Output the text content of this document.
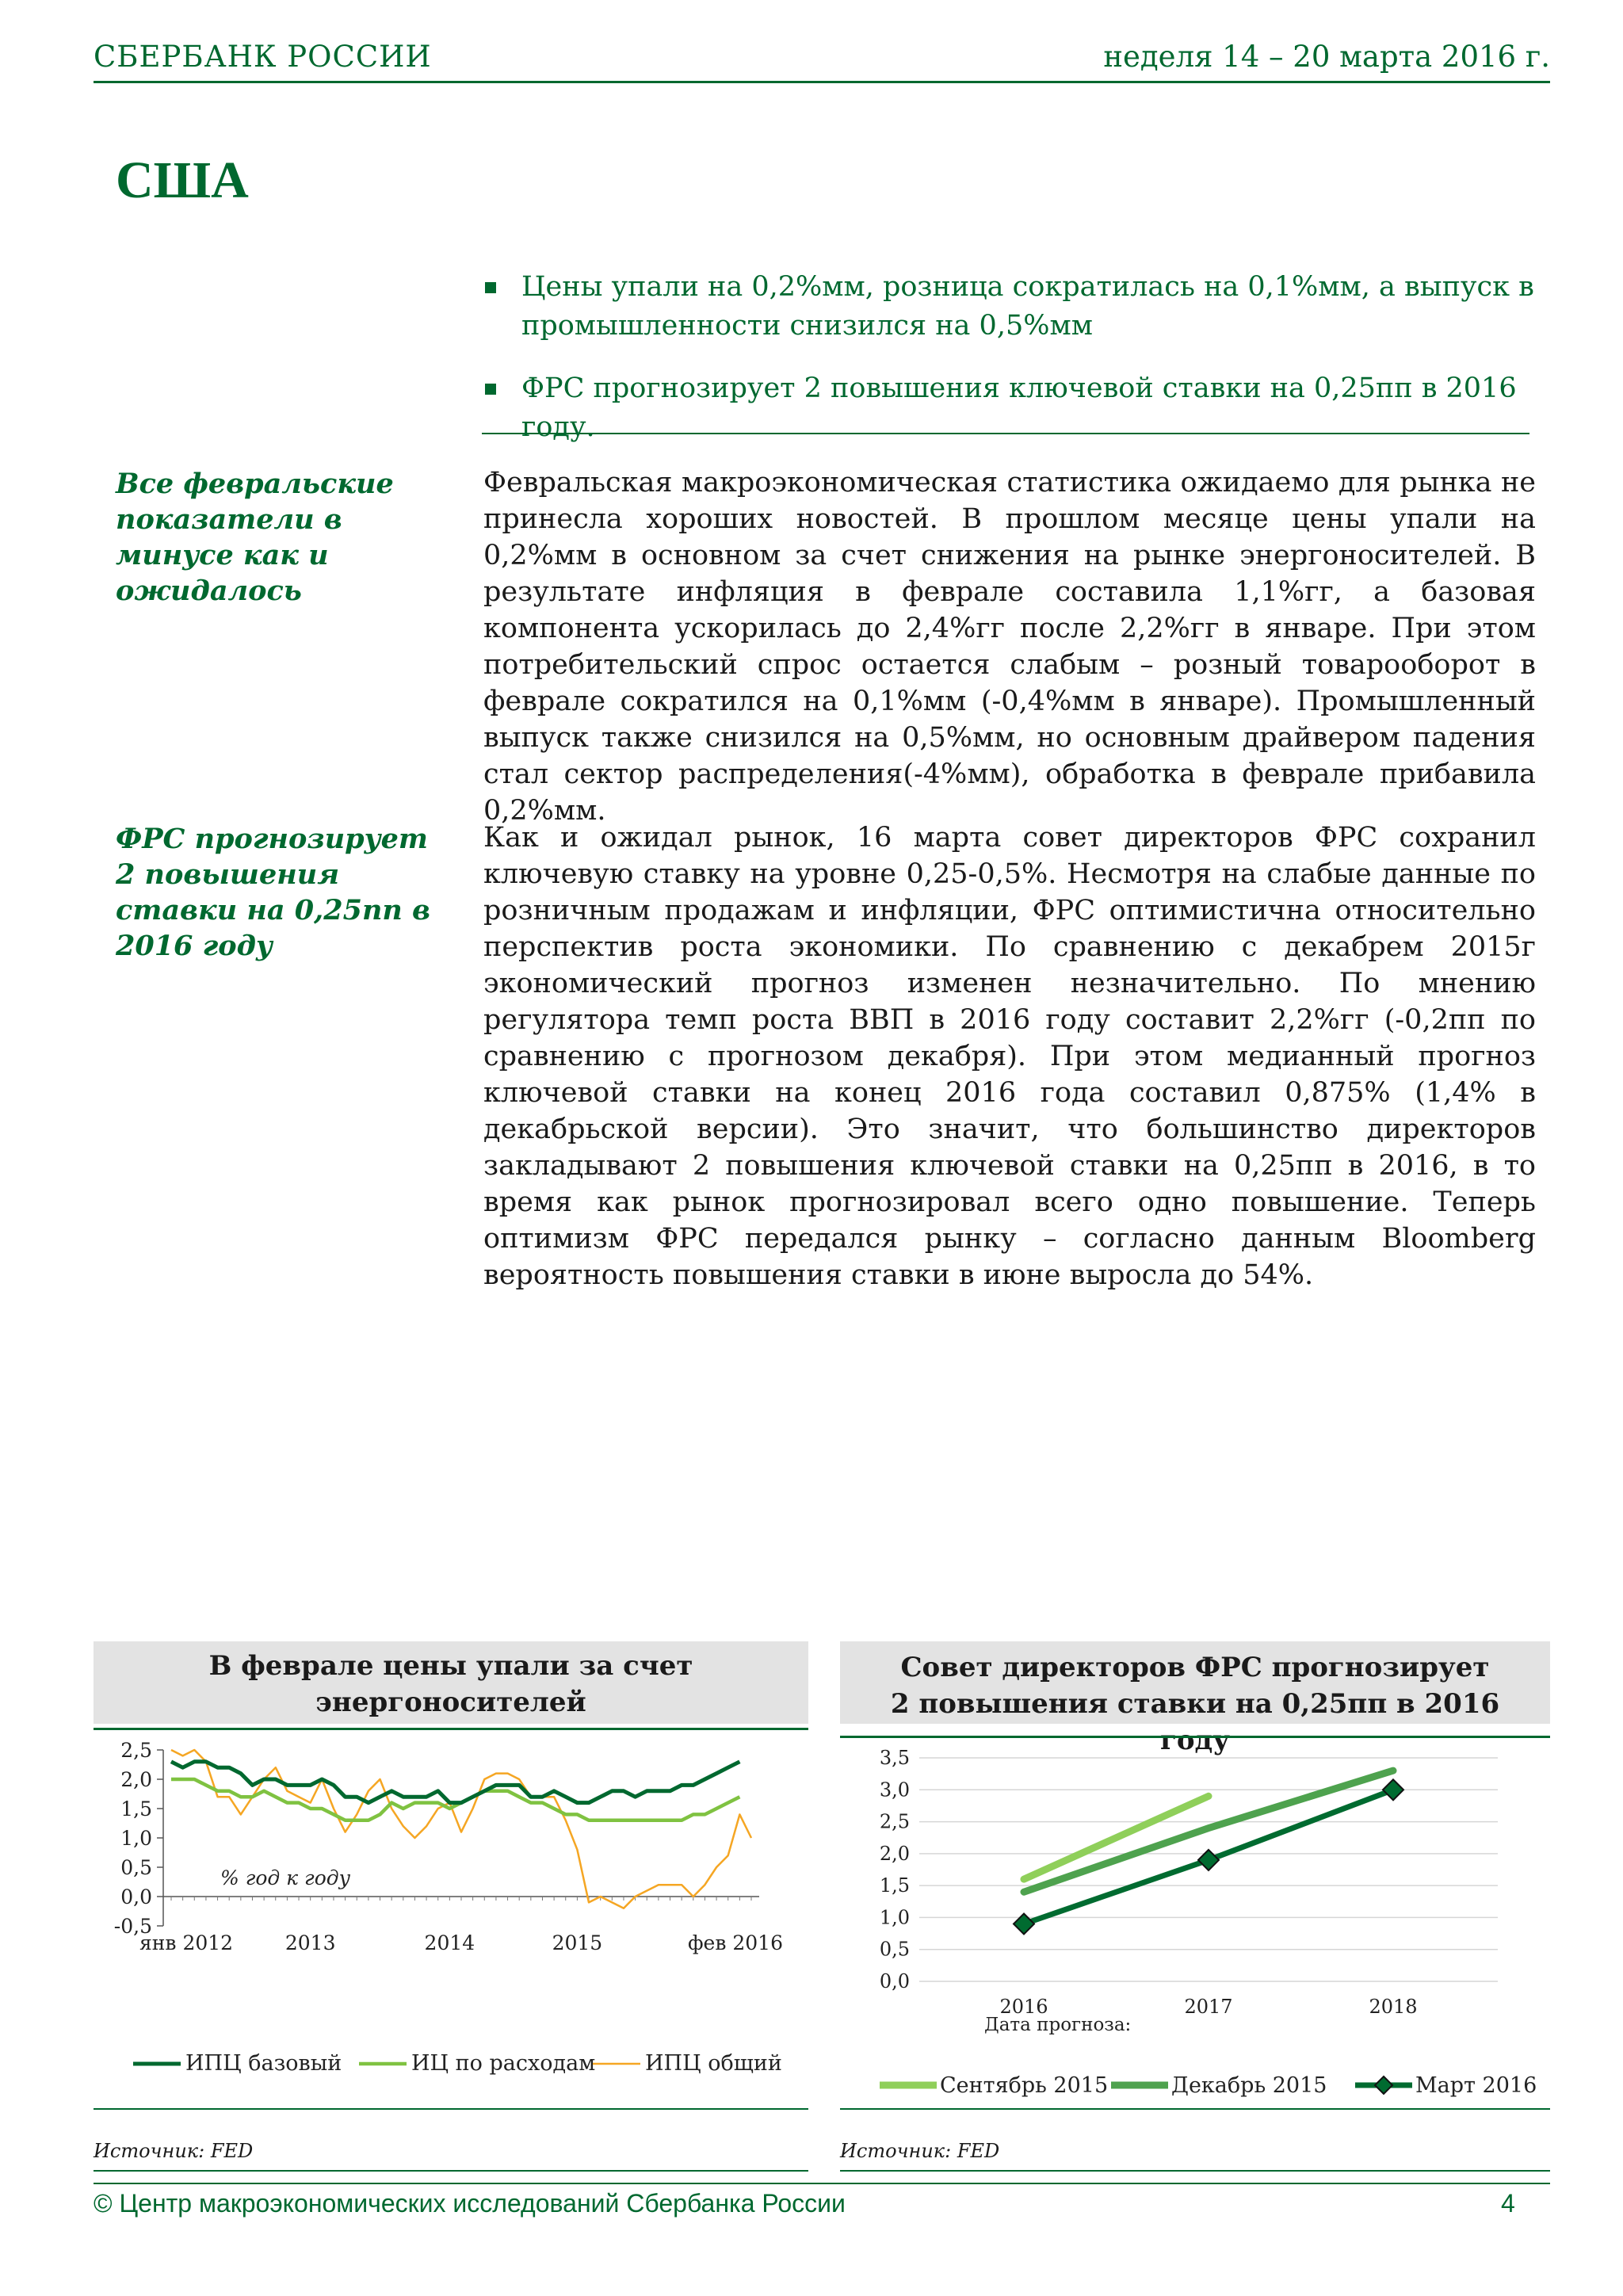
СБЕРБАНК РОССИИ	неделя 14 – 20 марта 2016 г.
США
Цены упали на 0,2%мм, розница сократилась на 0,1%мм, а выпуск в промышленности снизился на 0,5%мм
ФРС прогнозирует 2 повышения ключевой ставки на 0,25пп в 2016 году.
Все февральские показатели в минусе как и ожидалось
Февральская макроэкономическая статистика ожидаемо для рынка не принесла хороших новостей. В прошлом месяце цены упали на 0,2%мм в основном за счет снижения на рынке энергоносителей. В результате инфляция в феврале составила 1,1%гг, а базовая компонента ускорилась до 2,4%гг после 2,2%гг в январе. При этом потребительский спрос остается слабым – розный товарооборот в феврале сократился на 0,1%мм (-0,4%мм в январе). Промышленный выпуск также снизился на 0,5%мм, но основным драйвером падения стал сектор распределения(-4%мм), обработка в феврале прибавила 0,2%мм.
ФРС прогнозирует 2 повышения ставки на 0,25пп в 2016 году
Как и ожидал рынок, 16 марта совет директоров ФРС сохранил ключевую ставку на уровне 0,25-0,5%. Несмотря на слабые данные по розничным продажам и инфляции, ФРС оптимистична относительно перспектив роста экономики. По сравнению с декабрем 2015г экономический прогноз изменен незначительно. По мнению регулятора темп роста ВВП в 2016 году составит 2,2%гг (-0,2пп по сравнению с прогнозом декабря). При этом медианный прогноз ключевой ставки на конец 2016 года составил 0,875% (1,4% в декабрьской версии). Это значит, что большинство директоров закладывают 2 повышения ключевой ставки на 0,25пп в 2016, в то время как рынок прогнозировал всего одно повышение. Теперь оптимизм ФРС передался рынку – согласно данным Bloomberg вероятность повышения ставки в июне выросла до 54%.
В феврале цены упали за счет энергоносителей
2,5
2,0
1,5
1,0
0,5
0,0
-0,5
янв 2012	2013	2014	2015	фев 2016
% год к году
ИПЦ базовый	ИЦ по расходам ИПЦ общий
Источник: FED
Совет директоров ФРС прогнозирует 2 повышения ставки на 0,25пп в 2016 году
3,5
3,0
2,5
2,0
1,5
1,0
0,5
0,0
2016	2017	2018
Дата прогноза:
Сентябрь 2015	Декабрь 2015	Март 2016
Источник: FED
© Центр макроэкономических исследований Сбербанка России	4
